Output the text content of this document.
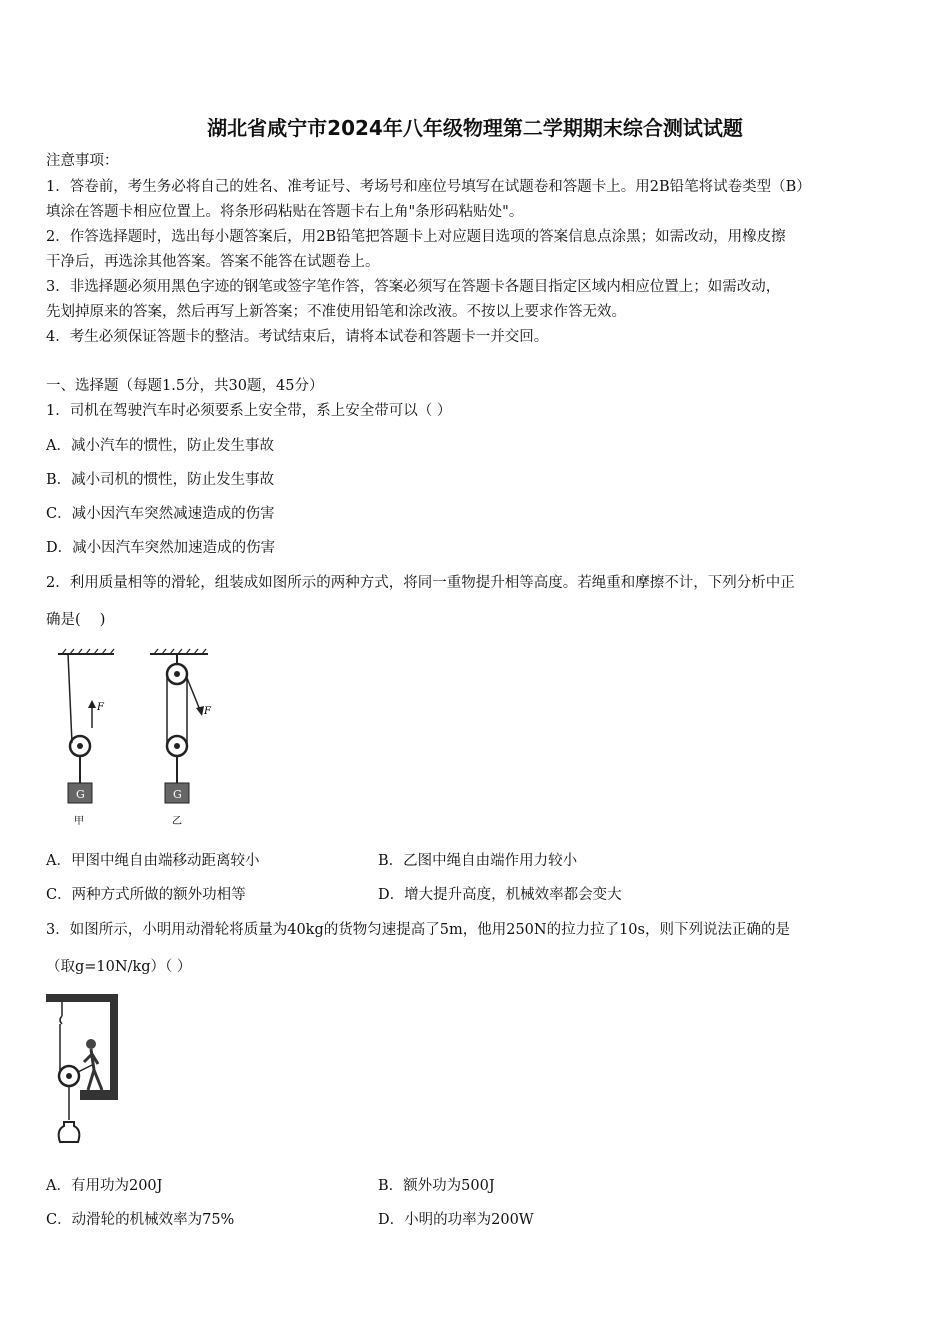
湖北省咸宁市2024年八年级物理第二学期期末综合测试试题
注意事项：
1．答卷前，考生务必将自己的姓名、准考证号、考场号和座位号填写在试题卷和答题卡上。用2B铅笔将试卷类型（B）
填涂在答题卡相应位置上。将条形码粘贴在答题卡右上角"条形码粘贴处"。
2．作答选择题时，选出每小题答案后，用2B铅笔把答题卡上对应题目选项的答案信息点涂黑；如需改动，用橡皮擦
干净后，再选涂其他答案。答案不能答在试题卷上。
3．非选择题必须用黑色字迹的钢笔或签字笔作答，答案必须写在答题卡各题目指定区域内相应位置上；如需改动，
先划掉原来的答案，然后再写上新答案；不准使用铅笔和涂改液。不按以上要求作答无效。
4．考生必须保证答题卡的整洁。考试结束后，请将本试卷和答题卡一并交回。
一、选择题（每题1.5分，共30题，45分）
1．司机在驾驶汽车时必须要系上安全带，系上安全带可以（ ）
A．减小汽车的惯性，防止发生事故
B．减小司机的惯性，防止发生事故
C．减小因汽车突然减速造成的伤害
D．减小因汽车突然加速造成的伤害
2．利用质量相等的滑轮，组装成如图所示的两种方式，将同一重物提升相等高度。若绳重和摩擦不计，下列分析中正
确是(　 )
F
G
甲
F
G
乙
A．甲图中绳自由端移动距离较小	B．乙图中绳自由端作用力较小
C．两种方式所做的额外功相等	D．增大提升高度，机械效率都会变大
3．如图所示，小明用动滑轮将质量为40kg的货物匀速提高了5m，他用250N的拉力拉了10s，则下列说法正确的是
（取g=10N/kg）（ ）
A．有用功为200J	B．额外功为500J
C．动滑轮的机械效率为75%	D．小明的功率为200W
